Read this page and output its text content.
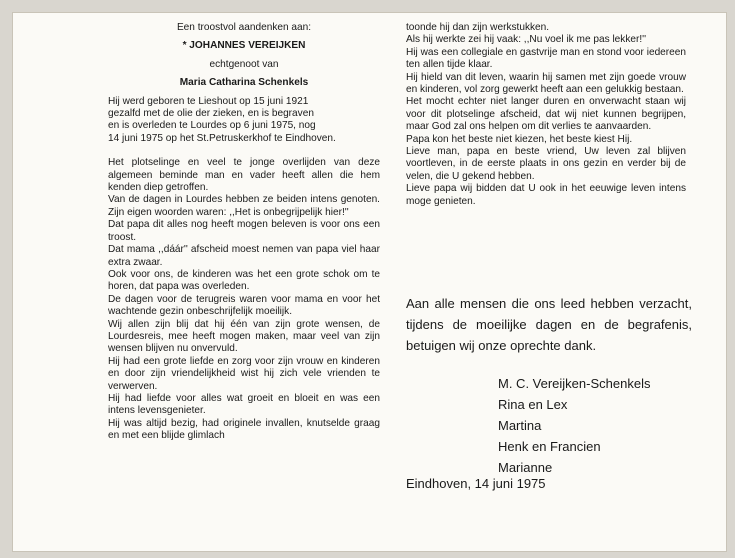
Een troostvol aandenken aan:

* JOHANNES VEREIJKEN

echtgenoot van

Maria Catharina Schenkels

Hij werd geboren te Lieshout op 15 juni 1921

gezalfd met de olie der zieken, en is begraven

en is overleden te Lourdes op 6 juni 1975, nog

14 juni 1975 op het St.Petruskerkhof te Eindhoven.

Het plotselinge en veel te jonge overlijden van deze algemeen beminde man en vader heeft allen die hem kenden diep getroffen.

Van de dagen in Lourdes hebben ze beiden intens genoten. Zijn eigen woorden waren: ,,Het is onbegrijpelijk hier!''

Dat papa dit alles nog heeft mogen beleven is voor ons een troost.

Dat mama ,,dáár'' afscheid moest nemen van papa viel haar extra zwaar.

Ook voor ons, de kinderen was het een grote schok om te horen, dat papa was overleden.

De dagen voor de terugreis waren voor mama en voor het wachtende gezin onbeschrijfelijk moeilijk.

Wij allen zijn blij dat hij één van zijn grote wensen, de Lourdesreis, mee heeft mogen maken, maar veel van zijn wensen blijven nu onvervuld.

Hij had een grote liefde en zorg voor zijn vrouw en kinderen en door zijn vriendelijkheid wist hij zich vele vrienden te verwerven.

Hij had liefde voor alles wat groeit en bloeit en was een intens levensgenieter.

Hij was altijd bezig, had originele invallen, knutselde graag en met een blijde glimlach

toonde hij dan zijn werkstukken.

Als hij werkte zei hij vaak: ,,Nu voel ik me pas lekker!''

Hij was een collegiale en gastvrije man en stond voor iedereen ten allen tijde klaar.

Hij hield van dit leven, waarin hij samen met zijn goede vrouw en kinderen, vol zorg gewerkt heeft aan een gelukkig bestaan.

Het mocht echter niet langer duren en onverwacht staan wij voor dit plotselinge afscheid, dat wij niet kunnen begrijpen, maar God zal ons helpen om dit verlies te aanvaarden.

Papa kon het beste niet kiezen, het beste kiest Hij.

Lieve man, papa en beste vriend, Uw leven zal blijven voortleven, in de eerste plaats in ons gezin en verder bij de velen, die U gekend hebben.

Lieve papa wij bidden dat U ook in het eeuwige leven intens moge genieten.

Aan alle mensen die ons leed hebben verzacht, tijdens de moeilijke dagen en de begrafenis, betuigen wij onze oprechte dank.

M. C. Vereijken-Schenkels
Rina en Lex
Martina
Henk en Francien
Marianne
Eindhoven, 14 juni 1975
